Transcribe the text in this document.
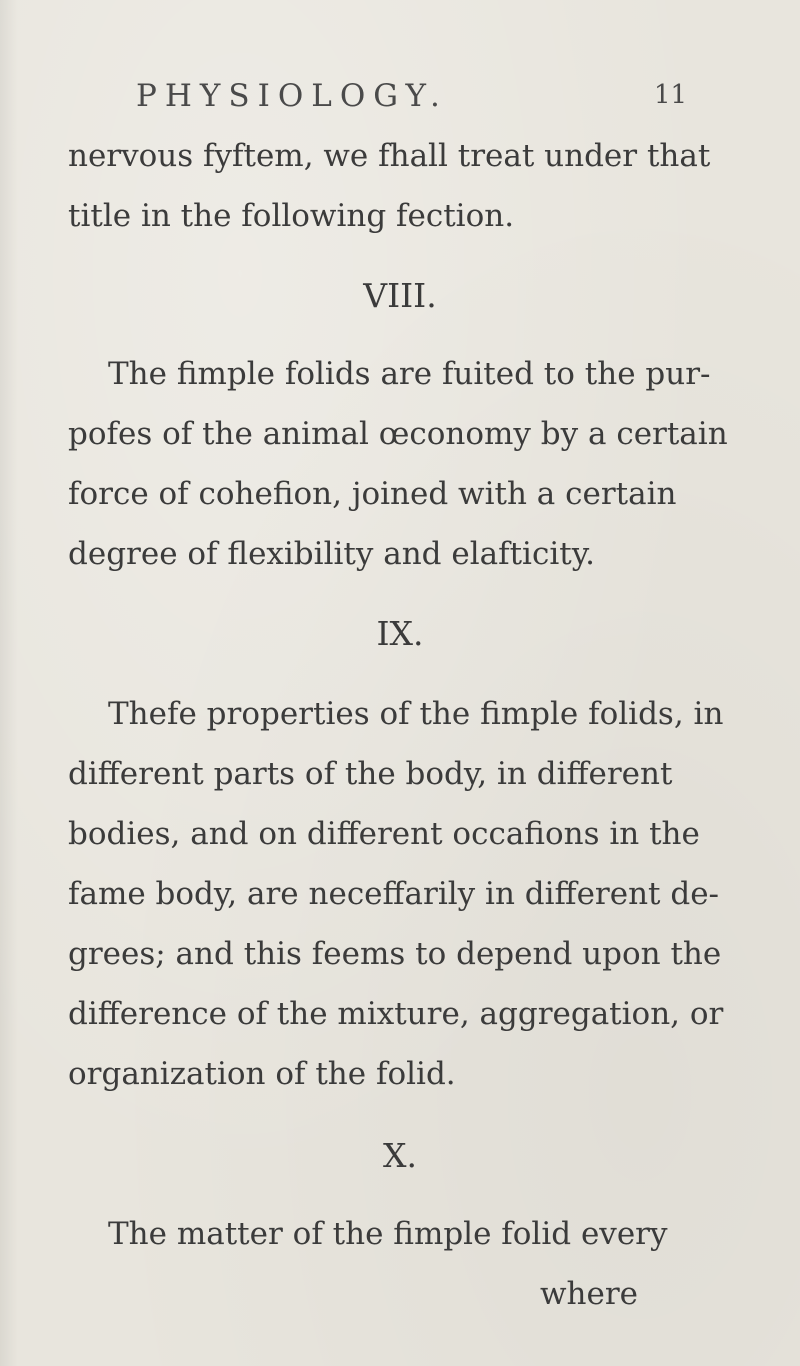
PHYSIOLOGY.	11
nervous fyftem, we fhall treat under that
title in the following fection.
VIII.
The fimple folids are fuited to the pur-
pofes of the animal œconomy by a certain
force of cohefion, joined with a certain
degree of flexibility and elafticity.
IX.
Thefe properties of the fimple folids, in
different parts of the body, in different
bodies, and on different occafions in the
fame body, are neceffarily in different de-
grees; and this feems to depend upon the
difference of the mixture, aggregation, or
organization of the folid.
X.
The matter of the fimple folid every
where
